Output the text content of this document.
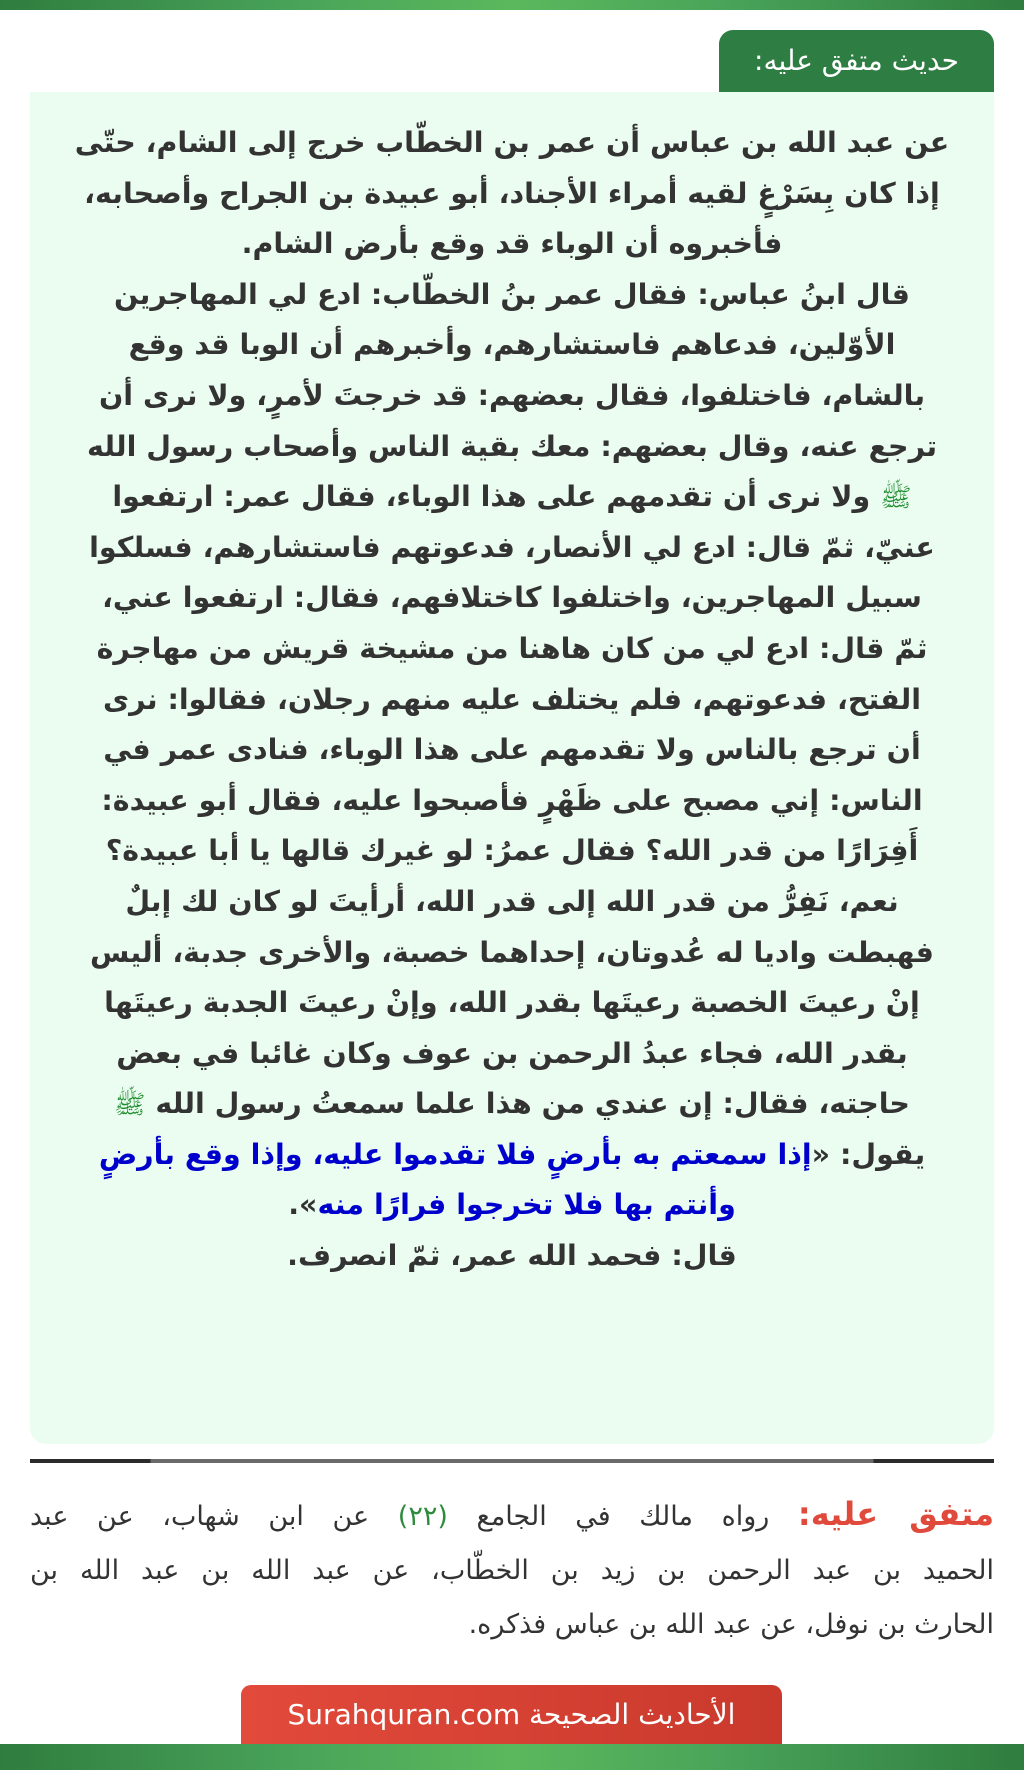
حديث متفق عليه:
عن عبد الله بن عباس أن عمر بن الخطّاب خرج إلى الشام، حتّى
إذا كان بِسَرْغٍ لقيه أمراء الأجناد، أبو عبيدة بن الجراح وأصحابه،
فأخبروه أن الوباء قد وقع بأرض الشام.
قال ابنُ عباس: فقال عمر بنُ الخطّاب: ادع لي المهاجرين
الأوّلين، فدعاهم فاستشارهم، وأخبرهم أن الوبا قد وقع
بالشام، فاختلفوا، فقال بعضهم: قد خرجتَ لأمرٍ، ولا نرى أن
ترجع عنه، وقال بعضهم: معك بقية الناس وأصحاب رسول الله
ﷺ ولا نرى أن تقدمهم على هذا الوباء، فقال عمر: ارتفعوا
عنيّ، ثمّ قال: ادع لي الأنصار، فدعوتهم فاستشارهم، فسلكوا
سبيل المهاجرين، واختلفوا كاختلافهم، فقال: ارتفعوا عني،
ثمّ قال: ادع لي من كان هاهنا من مشيخة قريش من مهاجرة
الفتح، فدعوتهم، فلم يختلف عليه منهم رجلان، فقالوا: نرى
أن ترجع بالناس ولا تقدمهم على هذا الوباء، فنادى عمر في
الناس: إني مصبح على ظَهْرٍ فأصبحوا عليه، فقال أبو عبيدة:
أَفِرَارًا من قدر الله؟ فقال عمرُ: لو غيرك قالها يا أبا عبيدة؟
نعم، نَفِرُّ من قدر الله إلى قدر الله، أرأيتَ لو كان لك إبلٌ
فهبطت واديا له عُدوتان، إحداهما خصبة، والأخرى جدبة، أليس
إنْ رعيتَ الخصبة رعيتَها بقدر الله، وإنْ رعيتَ الجدبة رعيتَها
بقدر الله، فجاء عبدُ الرحمن بن عوف وكان غائبا في بعض
حاجته، فقال: إن عندي من هذا علما سمعتُ رسول الله ﷺ
يقول: «إذا سمعتم به بأرضٍ فلا تقدموا عليه، وإذا وقع بأرضٍ
وأنتم بها فلا تخرجوا فرارًا منه».
قال: فحمد الله عمر، ثمّ انصرف.
متفق عليه: رواه مالك في الجامع (٢٢) عن ابن شهاب، عن عبد
الحميد بن عبد الرحمن بن زيد بن الخطّاب، عن عبد الله بن عبد الله بن
الحارث بن نوفل، عن عبد الله بن عباس فذكره.
الأحاديث الصحيحة Surahquran.com
